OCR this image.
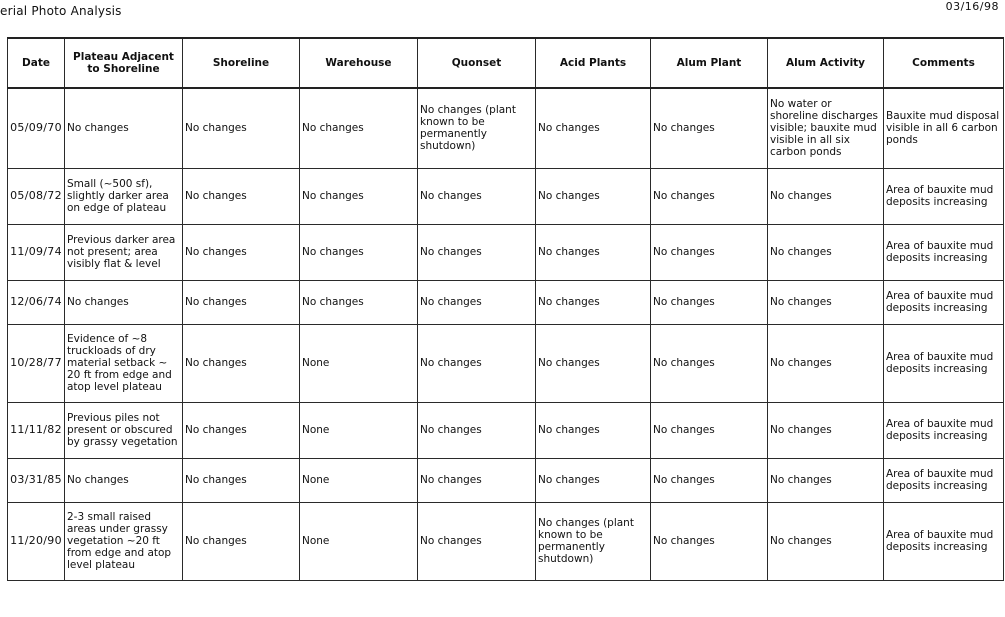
erial Photo Analysis	03/16/98
Date	Plateau Adjacent to Shoreline	Shoreline	Warehouse	Quonset	Acid Plants	Alum Plant	Alum Activity	Comments
05/09/70	No changes	No changes	No changes	No changes (plant known to be permanently shutdown)	No changes	No changes	No water or shoreline discharges visible; bauxite mud visible in all six carbon ponds	Bauxite mud disposal visible in all 6 carbon ponds
05/08/72	Small (~500 sf), slightly darker area on edge of plateau	No changes	No changes	No changes	No changes	No changes	No changes	Area of bauxite mud deposits increasing
11/09/74	Previous darker area not present; area visibly flat & level	No changes	No changes	No changes	No changes	No changes	No changes	Area of bauxite mud deposits increasing
12/06/74	No changes	No changes	No changes	No changes	No changes	No changes	No changes	Area of bauxite mud deposits increasing
10/28/77	Evidence of ~8 truckloads of dry material setback ~ 20 ft from edge and atop level plateau	No changes	None	No changes	No changes	No changes	No changes	Area of bauxite mud deposits increasing
11/11/82	Previous piles not present or obscured by grassy vegetation	No changes	None	No changes	No changes	No changes	No changes	Area of bauxite mud deposits increasing
03/31/85	No changes	No changes	None	No changes	No changes	No changes	No changes	Area of bauxite mud deposits increasing
11/20/90	2-3 small raised areas under grassy vegetation ~20 ft from edge and atop level plateau	No changes	None	No changes	No changes (plant known to be permanently shutdown)	No changes	No changes	Area of bauxite mud deposits increasing
